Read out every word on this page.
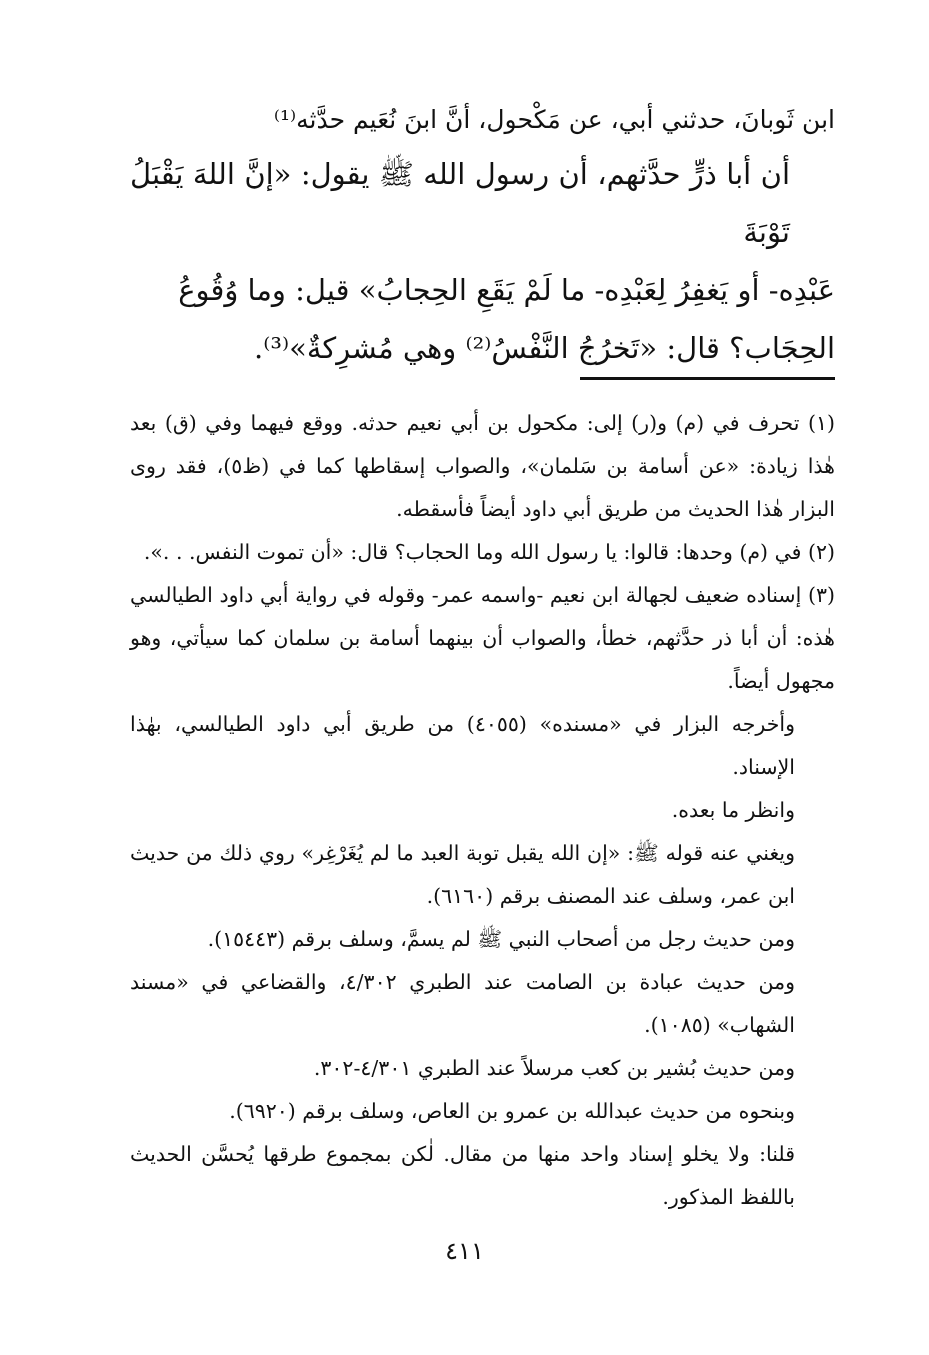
ابن ثَوبانَ، حدثني أبي، عن مَكْحول، أنَّ ابنَ نُعَيم حدَّثه⁽¹⁾

أن أبا ذرٍّ حدَّثهم، أن رسول الله ﷺ يقول: «إنَّ اللهَ يَقْبَلُ تَوْبَةَ

عَبْدِه- أو يَغفِرُ لِعَبْدِه- ما لَمْ يَقَعِ الحِجابُ» قيل: وما وُقُوعُ

الحِجَاب؟ قال: «تَخرُجُ النَّفْسُ⁽²⁾ وهي مُشرِكةٌ»⁽³⁾.

(١) تحرف في (م) و(ر) إلى: مكحول بن أبي نعيم حدثه. ووقع فيهما وفي (ق) بعد هٰذا زيادة: «عن أسامة بن سَلمان»، والصواب إسقاطها كما في (ظ٥)، فقد روى البزار هٰذا الحديث من طريق أبي داود أيضاً فأسقطه.

(٢) في (م) وحدها: قالوا: يا رسول الله وما الحجاب؟ قال: «أن تموت النفس. . .».

(٣) إسناده ضعيف لجهالة ابن نعيم -واسمه عمر- وقوله في رواية أبي داود الطيالسي هٰذه: أن أبا ذر حدَّثهم، خطأ، والصواب أن بينهما أسامة بن سلمان كما سيأتي، وهو مجهول أيضاً.

وأخرجه البزار في «مسنده» (٤٠٥٥) من طريق أبي داود الطيالسي، بهٰذا الإسناد.

وانظر ما بعده.

ويغني عنه قوله ﷺ: «إن الله يقبل توبة العبد ما لم يُغَرْغِر» روي ذلك من حديث ابن عمر، وسلف عند المصنف برقم (٦١٦٠).

ومن حديث رجل من أصحاب النبي ﷺ لم يسمَّ، وسلف برقم (١٥٤٤٣).

ومن حديث عبادة بن الصامت عند الطبري ٤/٣٠٢، والقضاعي في «مسند الشهاب» (١٠٨٥).

ومن حديث بُشير بن كعب مرسلاً عند الطبري ٤/٣٠١-٣٠٢.

وبنحوه من حديث عبدالله بن عمرو بن العاص، وسلف برقم (٦٩٢٠).

قلنا: ولا يخلو إسناد واحد منها من مقال. لٰكن بمجموع طرقها يُحسَّن الحديث باللفظ المذكور.

٤١١
